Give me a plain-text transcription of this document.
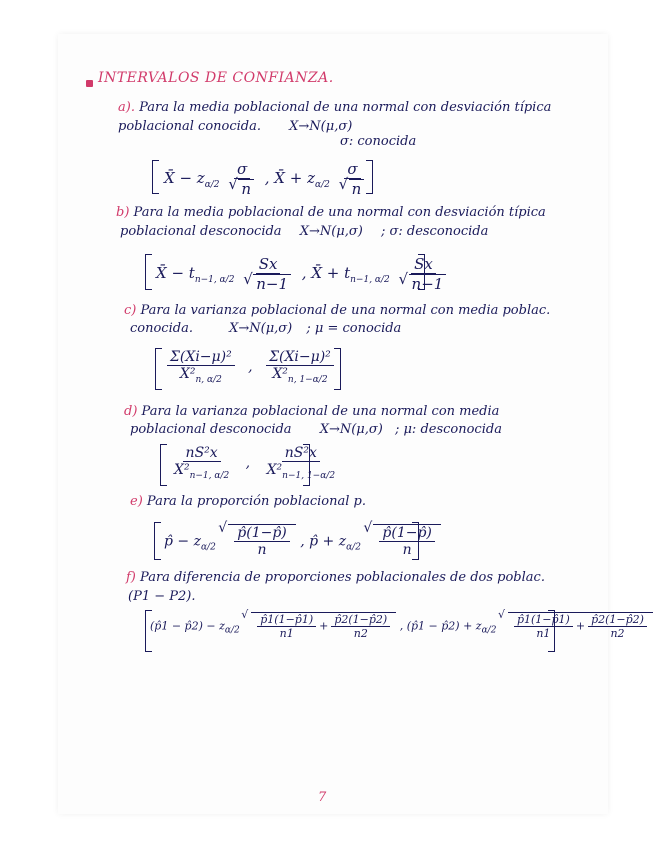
INTERVALOS DE CONFIANZA.
a). Para la media poblacional de una normal con desviación típica
poblacional conocida. X→N(μ,σ)
σ: conocida
X̄ − $z_{\alpha/2}$ σ
√ n , X̄ + $z_{\alpha/2}$ σ
√ n
b) Para la media poblacional de una normal con desviación típica
poblacional desconocida X→N(μ,σ) ; σ: desconocida
X̄ − $t_{n-1, \alpha/2}$ Sx
√ n−1 , X̄ + $t_{n-1, \alpha/2}$ Sx
√ n−1
c) Para la varianza poblacional de una normal con media poblac.
conocida.	X→N(μ,σ) ; μ = conocida
$\frac{\text{Σ(Xi−μ)²}}{X^2_{n, \alpha/2}}$ , $\frac{\text{Σ(Xi−μ)²}}{X^2_{n, 1-\alpha/2}}$
d) Para la varianza poblacional de una normal con media
poblacional desconocida X→N(μ,σ) ; μ: desconocida
$\frac{\text{nS²x}}{X^2_{n-1, \alpha/2}}$ , $\frac{\text{nS²x}}{X^2_{n-1, 1-\alpha/2}}$
e) Para la proporción poblacional p.
p̂ − $z_{\alpha/2}$ √ $\frac{p̂(1-p̂)}{n}$ , p̂ + $z_{\alpha/2}$ √ $\frac{p̂(1-p̂)}{n}$
f) Para diferencia de proporciones poblacionales de dos poblac.
(P1 − P2).
(p̂1 − p̂2) − $z_{\alpha/2}$ √ $\frac{p̂1(1-p̂1)}{n1} + \frac{p̂2(1-p̂2)}{n2}$ , (p̂1 − p̂2) + $z_{\alpha/2}$ √ $\frac{p̂1(1-p̂1)}{n1} + \frac{p̂2(1-p̂2)}{n2}$
7
